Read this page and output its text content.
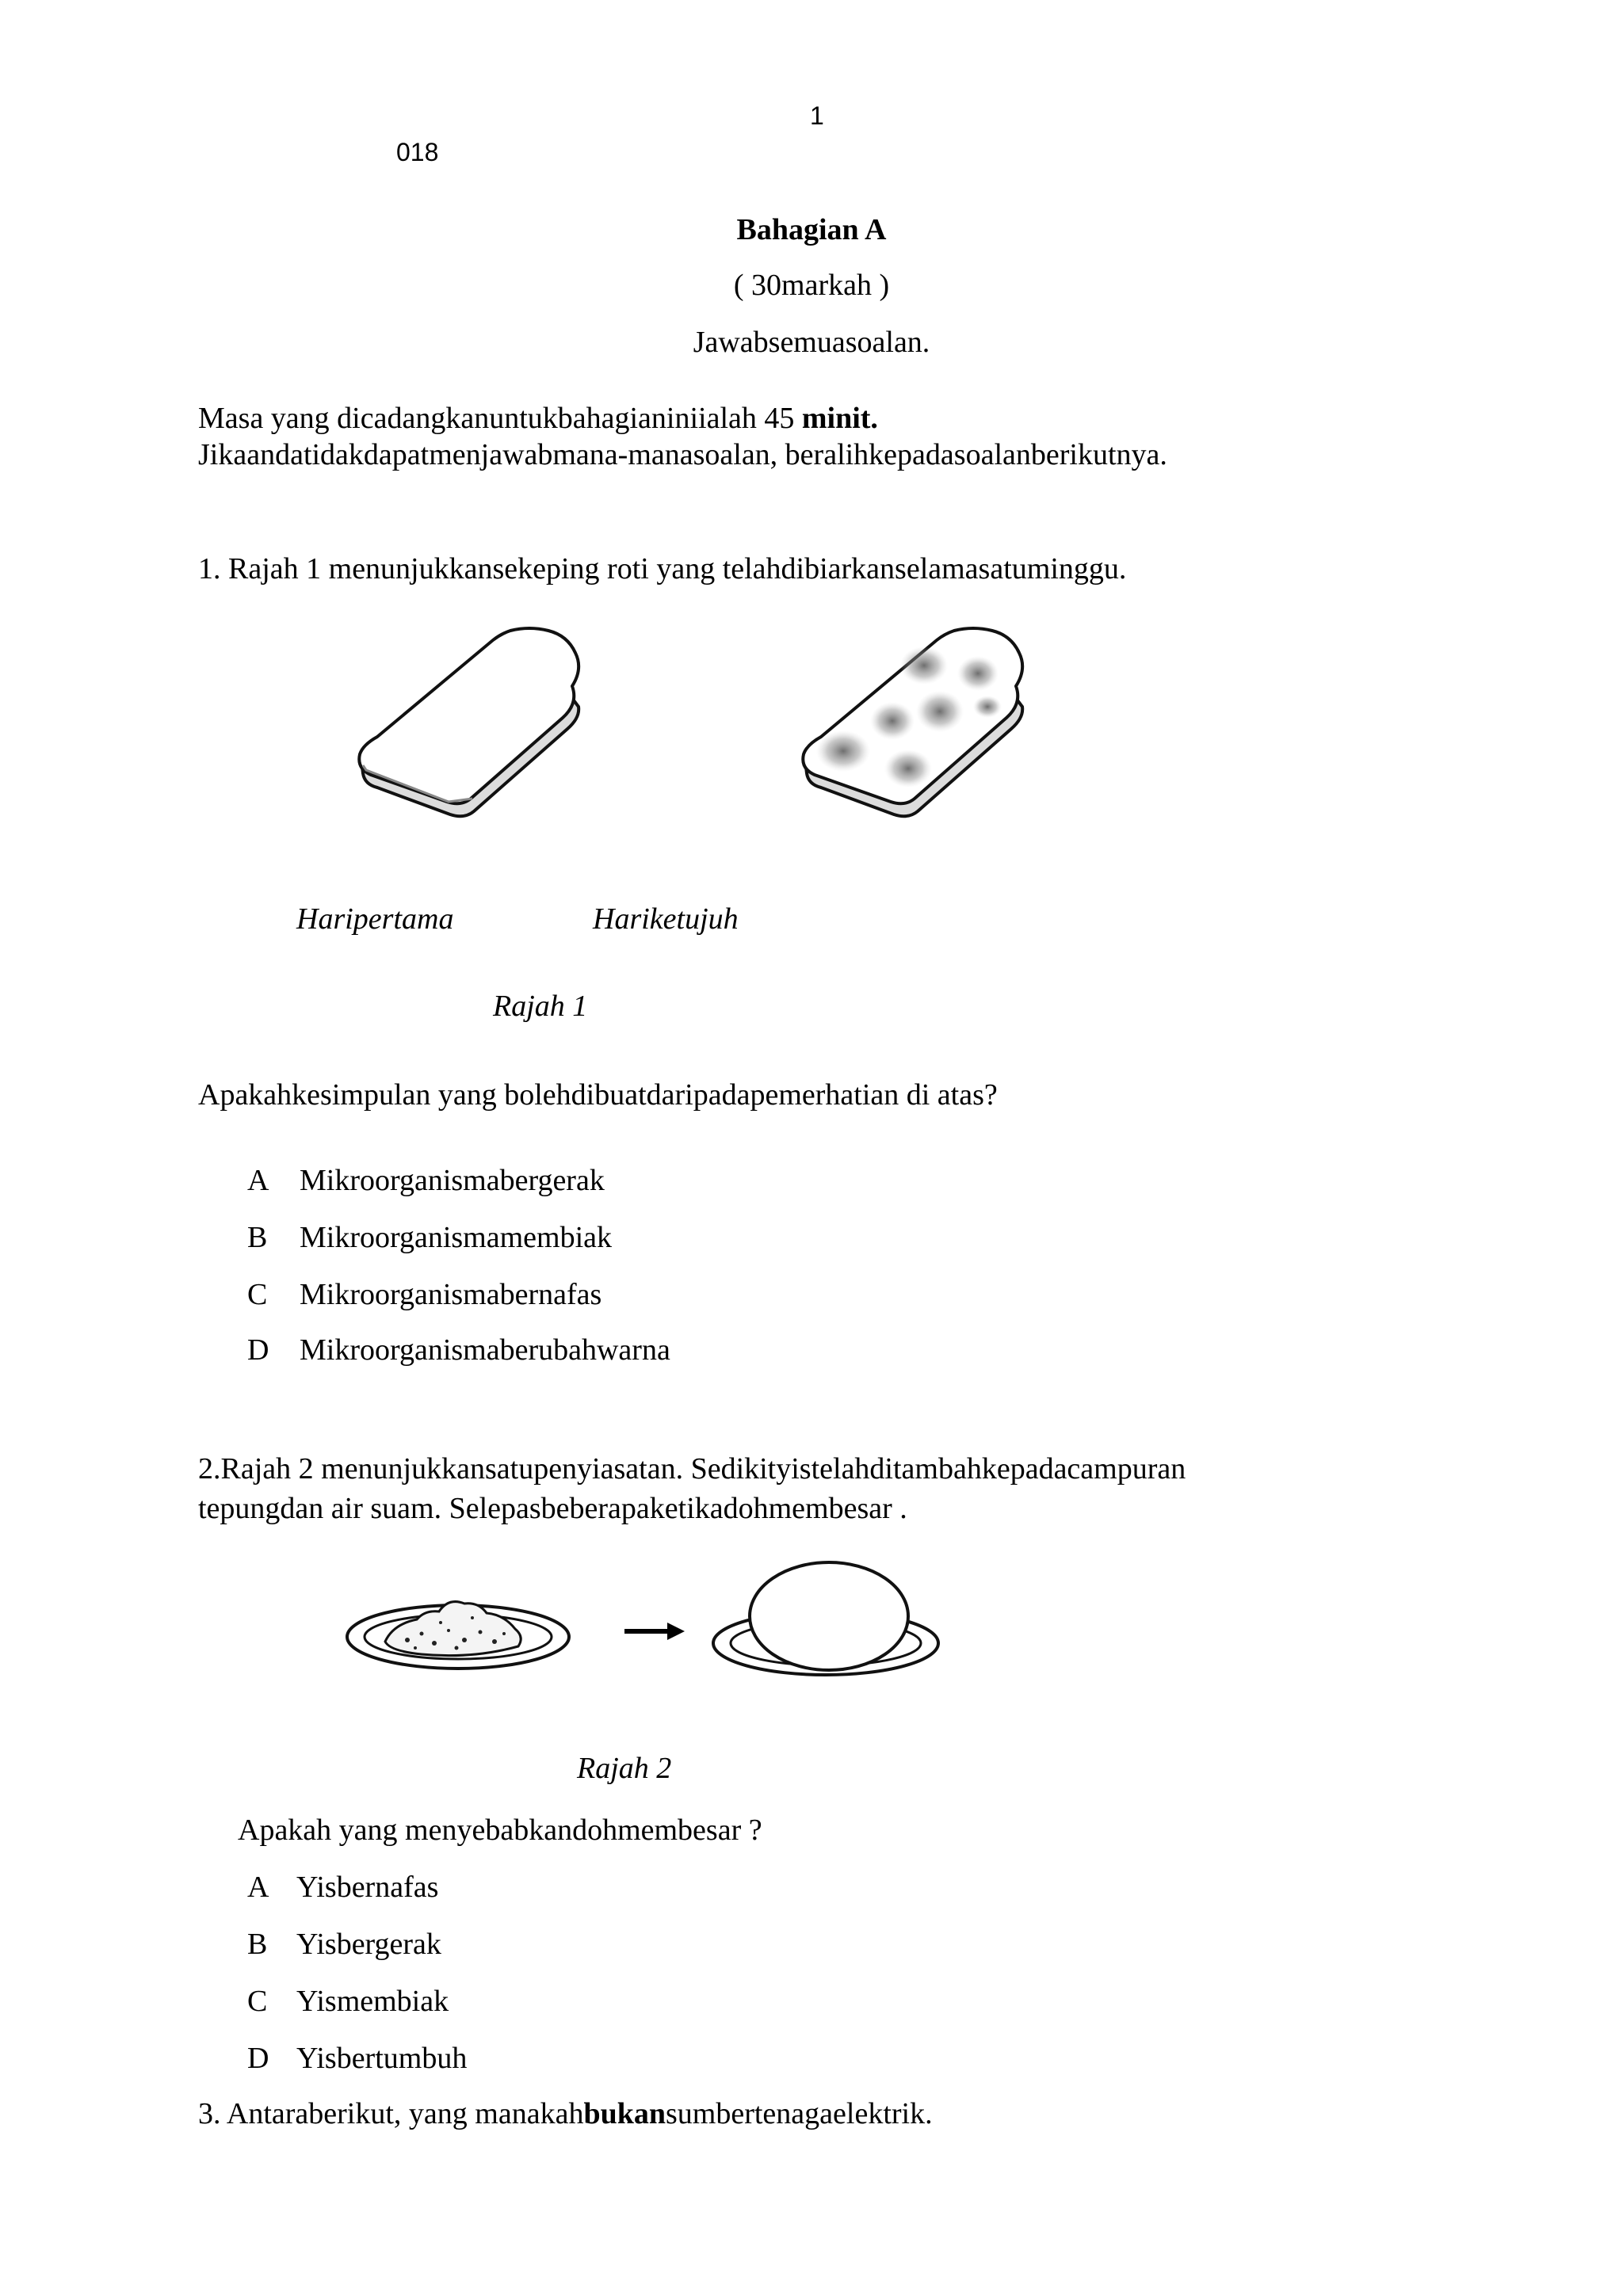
1
018
Bahagian A
( 30markah )
Jawabsemuasoalan.
Masa yang dicadangkanuntukbahagianiniialah 45 minit.
Jikaandatidakdapatmenjawabmana-manasoalan, beralihkepadasoalanberikutnya.
1. Rajah 1 menunjukkansekeping roti yang telahdibiarkanselamasatuminggu.
Haripertama	Hariketujuh
Rajah 1
Apakahkesimpulan yang bolehdibuatdaripadapemerhatian di atas?
A Mikroorganismabergerak
B Mikroorganismamembiak
C Mikroorganismabernafas
D Mikroorganismaberubahwarna
2.Rajah 2 menunjukkansatupenyiasatan. Sedikityistelahditambahkepadacampuran
tepungdan air suam. Selepasbeberapaketikadohmembesar .
Rajah 2
Apakah yang menyebabkandohmembesar ?
A Yisbernafas
B Yisbergerak
C Yismembiak
D Yisbertumbuh
3. Antaraberikut, yang manakahbukansumbertenagaelektrik.
